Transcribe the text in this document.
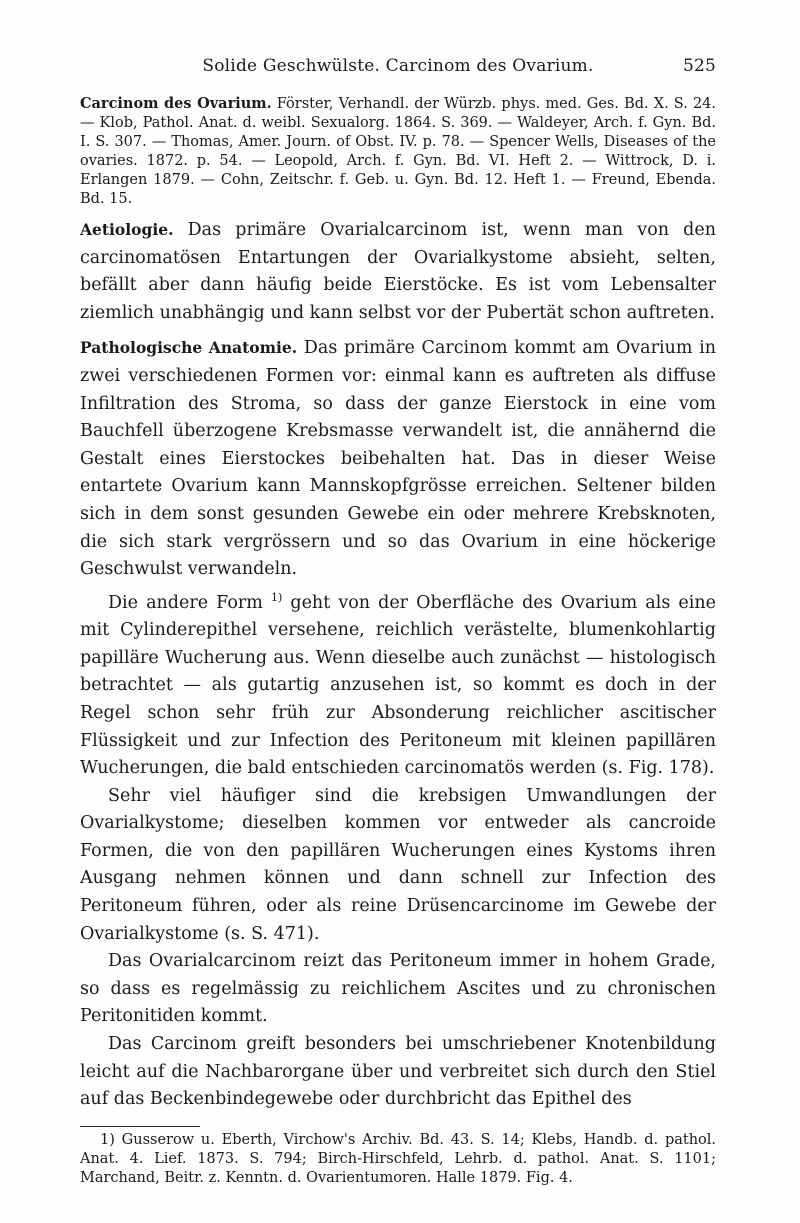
Solide Geschwülste. Carcinom des Ovarium.	525
Carcinom des Ovarium. Förster, Verhandl. der Würzb. phys. med. Ges. Bd. X. S. 24. — Klob, Pathol. Anat. d. weibl. Sexualorg. 1864. S. 369. — Waldeyer, Arch. f. Gyn. Bd. I. S. 307. — Thomas, Amer. Journ. of Obst. IV. p. 78. — Spencer Wells, Diseases of the ovaries. 1872. p. 54. — Leopold, Arch. f. Gyn. Bd. VI. Heft 2. — Wittrock, D. i. Erlangen 1879. — Cohn, Zeitschr. f. Geb. u. Gyn. Bd. 12. Heft 1. — Freund, Ebenda. Bd. 15.

Aetiologie. Das primäre Ovarialcarcinom ist, wenn man von den carcinomatösen Entartungen der Ovarialkystome absieht, selten, befällt aber dann häufig beide Eierstöcke. Es ist vom Lebensalter ziemlich unabhängig und kann selbst vor der Pubertät schon auftreten.

Pathologische Anatomie. Das primäre Carcinom kommt am Ovarium in zwei verschiedenen Formen vor: einmal kann es auftreten als diffuse Infiltration des Stroma, so dass der ganze Eierstock in eine vom Bauchfell überzogene Krebsmasse verwandelt ist, die annähernd die Gestalt eines Eierstockes beibehalten hat. Das in dieser Weise entartete Ovarium kann Mannskopfgrösse erreichen. Seltener bilden sich in dem sonst gesunden Gewebe ein oder mehrere Krebsknoten, die sich stark vergrössern und so das Ovarium in eine höckerige Geschwulst verwandeln.

Die andere Form $^{1)}$ geht von der Oberfläche des Ovarium als eine mit Cylinderepithel versehene, reichlich verästelte, blumenkohlartig papilläre Wucherung aus. Wenn dieselbe auch zunächst — histologisch betrachtet — als gutartig anzusehen ist, so kommt es doch in der Regel schon sehr früh zur Absonderung reichlicher ascitischer Flüssigkeit und zur Infection des Peritoneum mit kleinen papillären Wucherungen, die bald entschieden carcinomatös werden (s. Fig. 178).

Sehr viel häufiger sind die krebsigen Umwandlungen der Ovarialkystome; dieselben kommen vor entweder als cancroide Formen, die von den papillären Wucherungen eines Kystoms ihren Ausgang nehmen können und dann schnell zur Infection des Peritoneum führen, oder als reine Drüsencarcinome im Gewebe der Ovarialkystome (s. S. 471).

Das Ovarialcarcinom reizt das Peritoneum immer in hohem Grade, so dass es regelmässig zu reichlichem Ascites und zu chronischen Peritonitiden kommt.

Das Carcinom greift besonders bei umschriebener Knotenbildung leicht auf die Nachbarorgane über und verbreitet sich durch den Stiel auf das Beckenbindegewebe oder durchbricht das Epithel des

1) Gusserow u. Eberth, Virchow's Archiv. Bd. 43. S. 14; Klebs, Handb. d. pathol. Anat. 4. Lief. 1873. S. 794; Birch-Hirschfeld, Lehrb. d. pathol. Anat. S. 1101; Marchand, Beitr. z. Kenntn. d. Ovarientumoren. Halle 1879. Fig. 4.
